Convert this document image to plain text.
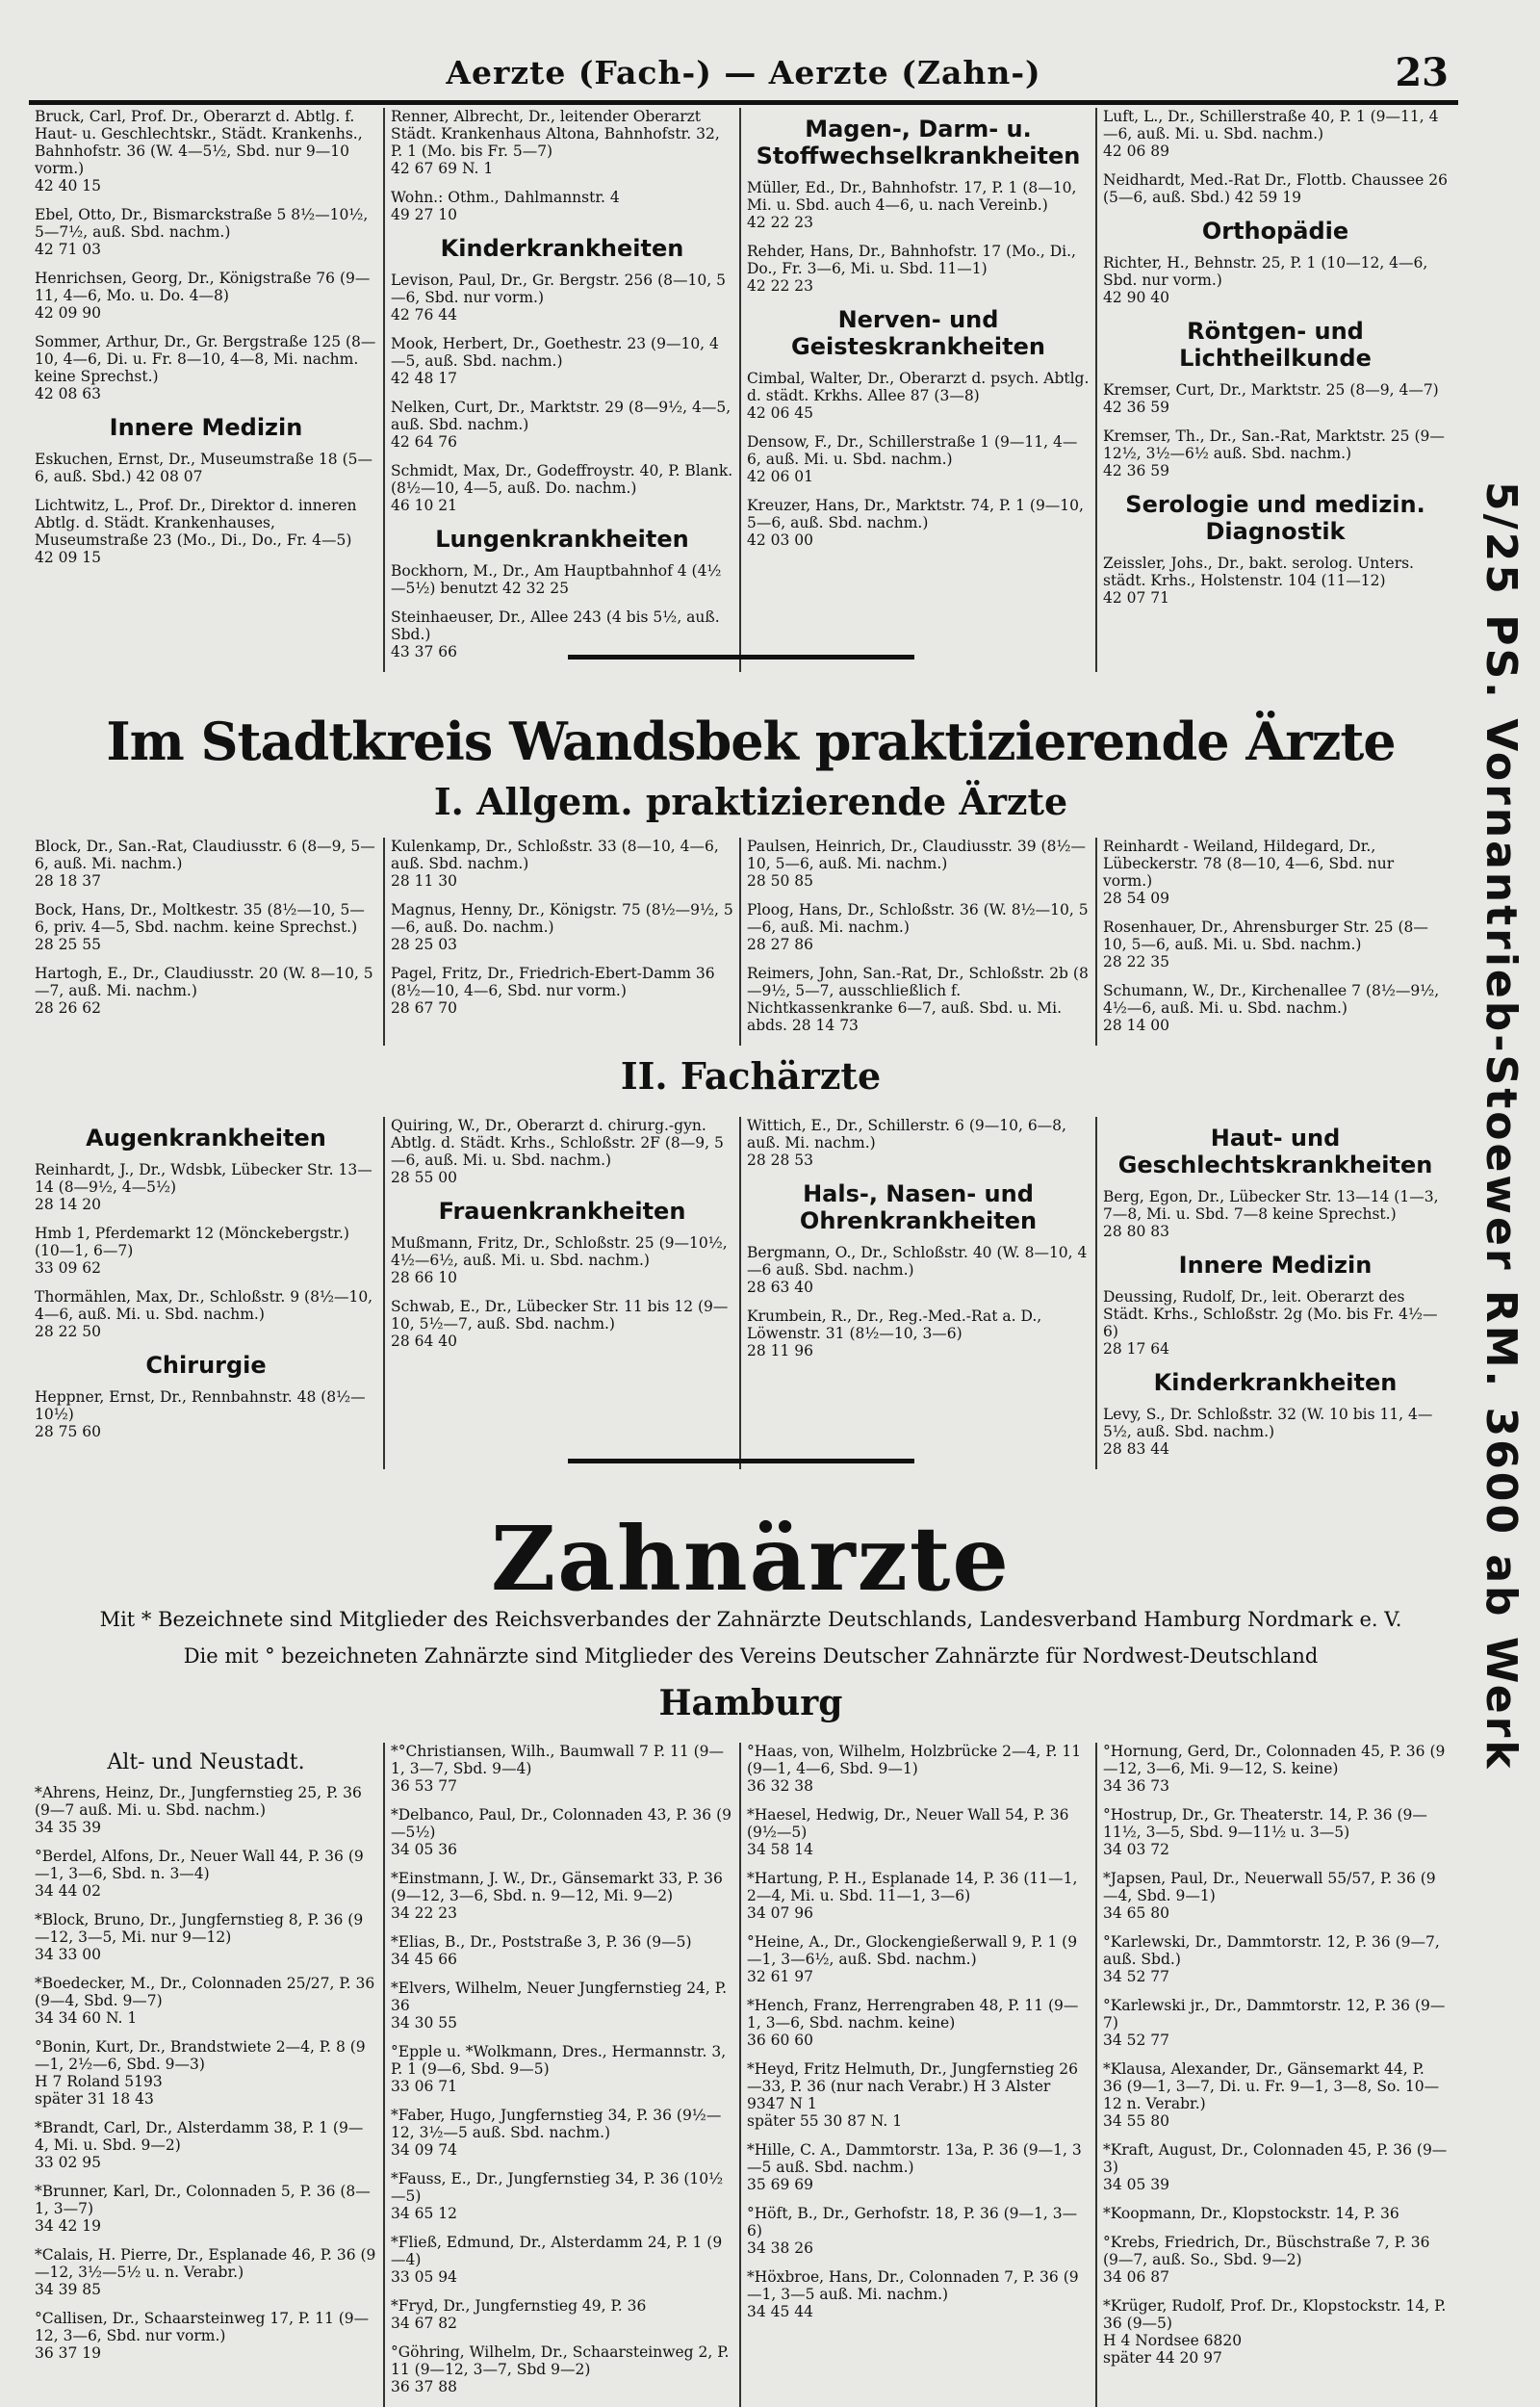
Aerzte (Fach-) — Aerzte (Zahn-)	23
Bruck, Carl, Prof. Dr., Oberarzt d. Abtlg. f. Haut- u. Geschlechtskr., Städt. Krankenhs., Bahnhofstr. 36 (W. 4—5½, Sbd. nur 9—10 vorm.)
42 40 15
Ebel, Otto, Dr., Bismarckstraße 5 8½—10½, 5—7½, auß. Sbd. nachm.)
42 71 03
Henrichsen, Georg, Dr., Königstraße 76 (9—11, 4—6, Mo. u. Do. 4—8)
42 09 90
Sommer, Arthur, Dr., Gr. Bergstraße 125 (8—10, 4—6, Di. u. Fr. 8—10, 4—8, Mi. nachm. keine Sprechst.)
42 08 63
Innere Medizin
Eskuchen, Ernst, Dr., Museumstraße 18 (5—6, auß. Sbd.) 42 08 07
Lichtwitz, L., Prof. Dr., Direktor d. inneren Abtlg. d. Städt. Krankenhauses, Museumstraße 23 (Mo., Di., Do., Fr. 4—5)
42 09 15
Renner, Albrecht, Dr., leitender Oberarzt Städt. Krankenhaus Altona, Bahnhofstr. 32, P. 1 (Mo. bis Fr. 5—7)
42 67 69 N. 1
Wohn.: Othm., Dahlmannstr. 4
49 27 10
Kinderkrankheiten
Levison, Paul, Dr., Gr. Bergstr. 256 (8—10, 5—6, Sbd. nur vorm.)
42 76 44
Mook, Herbert, Dr., Goethestr. 23 (9—10, 4—5, auß. Sbd. nachm.)
42 48 17
Nelken, Curt, Dr., Marktstr. 29 (8—9½, 4—5, auß. Sbd. nachm.)
42 64 76
Schmidt, Max, Dr., Godeffroystr. 40, P. Blank. (8½—10, 4—5, auß. Do. nachm.)
46 10 21
Lungenkrankheiten
Bockhorn, M., Dr., Am Hauptbahnhof 4 (4½—5½) benutzt 42 32 25
Steinhaeuser, Dr., Allee 243 (4 bis 5½, auß. Sbd.)
43 37 66
Magen-, Darm- u. Stoffwechselkrankheiten
Müller, Ed., Dr., Bahnhofstr. 17, P. 1 (8—10, Mi. u. Sbd. auch 4—6, u. nach Vereinb.)
42 22 23
Rehder, Hans, Dr., Bahnhofstr. 17 (Mo., Di., Do., Fr. 3—6, Mi. u. Sbd. 11—1)
42 22 23
Nerven- und Geisteskrankheiten
Cimbal, Walter, Dr., Oberarzt d. psych. Abtlg. d. städt. Krkhs. Allee 87 (3—8)
42 06 45
Densow, F., Dr., Schillerstraße 1 (9—11, 4—6, auß. Mi. u. Sbd. nachm.)
42 06 01
Kreuzer, Hans, Dr., Marktstr. 74, P. 1 (9—10, 5—6, auß. Sbd. nachm.)
42 03 00
Luft, L., Dr., Schillerstraße 40, P. 1 (9—11, 4—6, auß. Mi. u. Sbd. nachm.)
42 06 89
Neidhardt, Med.-Rat Dr., Flottb. Chaussee 26 (5—6, auß. Sbd.) 42 59 19
Orthopädie
Richter, H., Behnstr. 25, P. 1 (10—12, 4—6, Sbd. nur vorm.)
42 90 40
Röntgen- und Lichtheilkunde
Kremser, Curt, Dr., Marktstr. 25 (8—9, 4—7)
42 36 59
Kremser, Th., Dr., San.-Rat, Marktstr. 25 (9—12½, 3½—6½ auß. Sbd. nachm.)
42 36 59
Serologie und medizin. Diagnostik
Zeissler, Johs., Dr., bakt. serolog. Unters. städt. Krhs., Holstenstr. 104 (11—12)
42 07 71
Im Stadtkreis Wandsbek praktizierende Ärzte
I. Allgem. praktizierende Ärzte
Block, Dr., San.-Rat, Claudiusstr. 6 (8—9, 5—6, auß. Mi. nachm.)
28 18 37
Bock, Hans, Dr., Moltkestr. 35 (8½—10, 5—6, priv. 4—5, Sbd. nachm. keine Sprechst.)
28 25 55
Hartogh, E., Dr., Claudiusstr. 20 (W. 8—10, 5—7, auß. Mi. nachm.)
28 26 62
Kulenkamp, Dr., Schloßstr. 33 (8—10, 4—6, auß. Sbd. nachm.)
28 11 30
Magnus, Henny, Dr., Königstr. 75 (8½—9½, 5—6, auß. Do. nachm.)
28 25 03
Pagel, Fritz, Dr., Friedrich-Ebert-Damm 36 (8½—10, 4—6, Sbd. nur vorm.)
28 67 70
Paulsen, Heinrich, Dr., Claudiusstr. 39 (8½—10, 5—6, auß. Mi. nachm.)
28 50 85
Ploog, Hans, Dr., Schloßstr. 36 (W. 8½—10, 5—6, auß. Mi. nachm.)
28 27 86
Reimers, John, San.-Rat, Dr., Schloßstr. 2b (8—9½, 5—7, ausschließlich f. Nichtkassenkranke 6—7, auß. Sbd. u. Mi. abds. 28 14 73
Reinhardt - Weiland, Hildegard, Dr., Lübeckerstr. 78 (8—10, 4—6, Sbd. nur vorm.)
28 54 09
Rosenhauer, Dr., Ahrensburger Str. 25 (8—10, 5—6, auß. Mi. u. Sbd. nachm.)
28 22 35
Schumann, W., Dr., Kirchenallee 7 (8½—9½, 4½—6, auß. Mi. u. Sbd. nachm.)
28 14 00
II. Fachärzte
Augenkrankheiten
Reinhardt, J., Dr., Wdsbk, Lübecker Str. 13—14 (8—9½, 4—5½)
28 14 20
Hmb 1, Pferdemarkt 12 (Mönckebergstr.) (10—1, 6—7)
33 09 62
Thormählen, Max, Dr., Schloßstr. 9 (8½—10, 4—6, auß. Mi. u. Sbd. nachm.)
28 22 50
Chirurgie
Heppner, Ernst, Dr., Rennbahnstr. 48 (8½—10½)
28 75 60
Quiring, W., Dr., Oberarzt d. chirurg.-gyn. Abtlg. d. Städt. Krhs., Schloßstr. 2F (8—9, 5—6, auß. Mi. u. Sbd. nachm.)
28 55 00
Frauenkrankheiten
Mußmann, Fritz, Dr., Schloßstr. 25 (9—10½, 4½—6½, auß. Mi. u. Sbd. nachm.)
28 66 10
Schwab, E., Dr., Lübecker Str. 11 bis 12 (9—10, 5½—7, auß. Sbd. nachm.)
28 64 40
Wittich, E., Dr., Schillerstr. 6 (9—10, 6—8, auß. Mi. nachm.)
28 28 53
Hals-, Nasen- und Ohrenkrankheiten
Bergmann, O., Dr., Schloßstr. 40 (W. 8—10, 4—6 auß. Sbd. nachm.)
28 63 40
Krumbein, R., Dr., Reg.-Med.-Rat a. D., Löwenstr. 31 (8½—10, 3—6)
28 11 96
Haut- und Geschlechtskrankheiten
Berg, Egon, Dr., Lübecker Str. 13—14 (1—3, 7—8, Mi. u. Sbd. 7—8 keine Sprechst.)
28 80 83
Innere Medizin
Deussing, Rudolf, Dr., leit. Oberarzt des Städt. Krhs., Schloßstr. 2g (Mo. bis Fr. 4½—6)
28 17 64
Kinderkrankheiten
Levy, S., Dr. Schloßstr. 32 (W. 10 bis 11, 4—5½, auß. Sbd. nachm.)
28 83 44
Zahnärzte
Mit * Bezeichnete sind Mitglieder des Reichsverbandes der Zahnärzte Deutschlands, Landesverband Hamburg Nordmark e. V.
Die mit ° bezeichneten Zahnärzte sind Mitglieder des Vereins Deutscher Zahnärzte für Nordwest-Deutschland
Hamburg
Alt- und Neustadt.
*Ahrens, Heinz, Dr., Jungfernstieg 25, P. 36 (9—7 auß. Mi. u. Sbd. nachm.)
34 35 39
°Berdel, Alfons, Dr., Neuer Wall 44, P. 36 (9—1, 3—6, Sbd. n. 3—4)
34 44 02
*Block, Bruno, Dr., Jungfernstieg 8, P. 36 (9—12, 3—5, Mi. nur 9—12)
34 33 00
*Boedecker, M., Dr., Colonnaden 25/27, P. 36 (9—4, Sbd. 9—7)
34 34 60 N. 1
°Bonin, Kurt, Dr., Brandstwiete 2—4, P. 8 (9—1, 2½—6, Sbd. 9—3)
H 7 Roland 5193
später 31 18 43
*Brandt, Carl, Dr., Alsterdamm 38, P. 1 (9—4, Mi. u. Sbd. 9—2)
33 02 95
*Brunner, Karl, Dr., Colonnaden 5, P. 36 (8—1, 3—7)
34 42 19
*Calais, H. Pierre, Dr., Esplanade 46, P. 36 (9—12, 3½—5½ u. n. Verabr.)
34 39 85
°Callisen, Dr., Schaarsteinweg 17, P. 11 (9—12, 3—6, Sbd. nur vorm.)
36 37 19
*°Christiansen, Wilh., Baumwall 7 P. 11 (9—1, 3—7, Sbd. 9—4)
36 53 77
*Delbanco, Paul, Dr., Colonnaden 43, P. 36 (9—5½)
34 05 36
*Einstmann, J. W., Dr., Gänsemarkt 33, P. 36 (9—12, 3—6, Sbd. n. 9—12, Mi. 9—2)
34 22 23
*Elias, B., Dr., Poststraße 3, P. 36 (9—5)
34 45 66
*Elvers, Wilhelm, Neuer Jungfernstieg 24, P. 36
34 30 55
°Epple u. *Wolkmann, Dres., Hermannstr. 3, P. 1 (9—6, Sbd. 9—5)
33 06 71
*Faber, Hugo, Jungfernstieg 34, P. 36 (9½—12, 3½—5 auß. Sbd. nachm.)
34 09 74
*Fauss, E., Dr., Jungfernstieg 34, P. 36 (10½—5)
34 65 12
*Fließ, Edmund, Dr., Alsterdamm 24, P. 1 (9—4)
33 05 94
*Fryd, Dr., Jungfernstieg 49, P. 36
34 67 82
°Göhring, Wilhelm, Dr., Schaarsteinweg 2, P. 11 (9—12, 3—7, Sbd 9—2)
36 37 88
°Haas, von, Wilhelm, Holzbrücke 2—4, P. 11 (9—1, 4—6, Sbd. 9—1)
36 32 38
*Haesel, Hedwig, Dr., Neuer Wall 54, P. 36 (9½—5)
34 58 14
*Hartung, P. H., Esplanade 14, P. 36 (11—1, 2—4, Mi. u. Sbd. 11—1, 3—6)
34 07 96
°Heine, A., Dr., Glockengießerwall 9, P. 1 (9—1, 3—6½, auß. Sbd. nachm.)
32 61 97
*Hench, Franz, Herrengraben 48, P. 11 (9—1, 3—6, Sbd. nachm. keine)
36 60 60
*Heyd, Fritz Helmuth, Dr., Jungfernstieg 26—33, P. 36 (nur nach Verabr.) H 3 Alster 9347 N 1
später 55 30 87 N. 1
*Hille, C. A., Dammtorstr. 13a, P. 36 (9—1, 3—5 auß. Sbd. nachm.)
35 69 69
°Höft, B., Dr., Gerhofstr. 18, P. 36 (9—1, 3—6)
34 38 26
*Höxbroe, Hans, Dr., Colonnaden 7, P. 36 (9—1, 3—5 auß. Mi. nachm.)
34 45 44
°Hornung, Gerd, Dr., Colonnaden 45, P. 36 (9—12, 3—6, Mi. 9—12, S. keine)
34 36 73
°Hostrup, Dr., Gr. Theaterstr. 14, P. 36 (9—11½, 3—5, Sbd. 9—11½ u. 3—5)
34 03 72
*Japsen, Paul, Dr., Neuerwall 55/57, P. 36 (9—4, Sbd. 9—1)
34 65 80
°Karlewski, Dr., Dammtorstr. 12, P. 36 (9—7, auß. Sbd.)
34 52 77
°Karlewski jr., Dr., Dammtorstr. 12, P. 36 (9—7)
34 52 77
*Klausa, Alexander, Dr., Gänsemarkt 44, P. 36 (9—1, 3—7, Di. u. Fr. 9—1, 3—8, So. 10—12 n. Verabr.)
34 55 80
*Kraft, August, Dr., Colonnaden 45, P. 36 (9—3)
34 05 39
*Koopmann, Dr., Klopstockstr. 14, P. 36
°Krebs, Friedrich, Dr., Büschstraße 7, P. 36 (9—7, auß. So., Sbd. 9—2)
34 06 87
*Krüger, Rudolf, Prof. Dr., Klopstockstr. 14, P. 36 (9—5)
H 4 Nordsee 6820
später 44 20 97
5/25 PS. Vornantrieb-Stoewer RM. 3600 ab Werk
